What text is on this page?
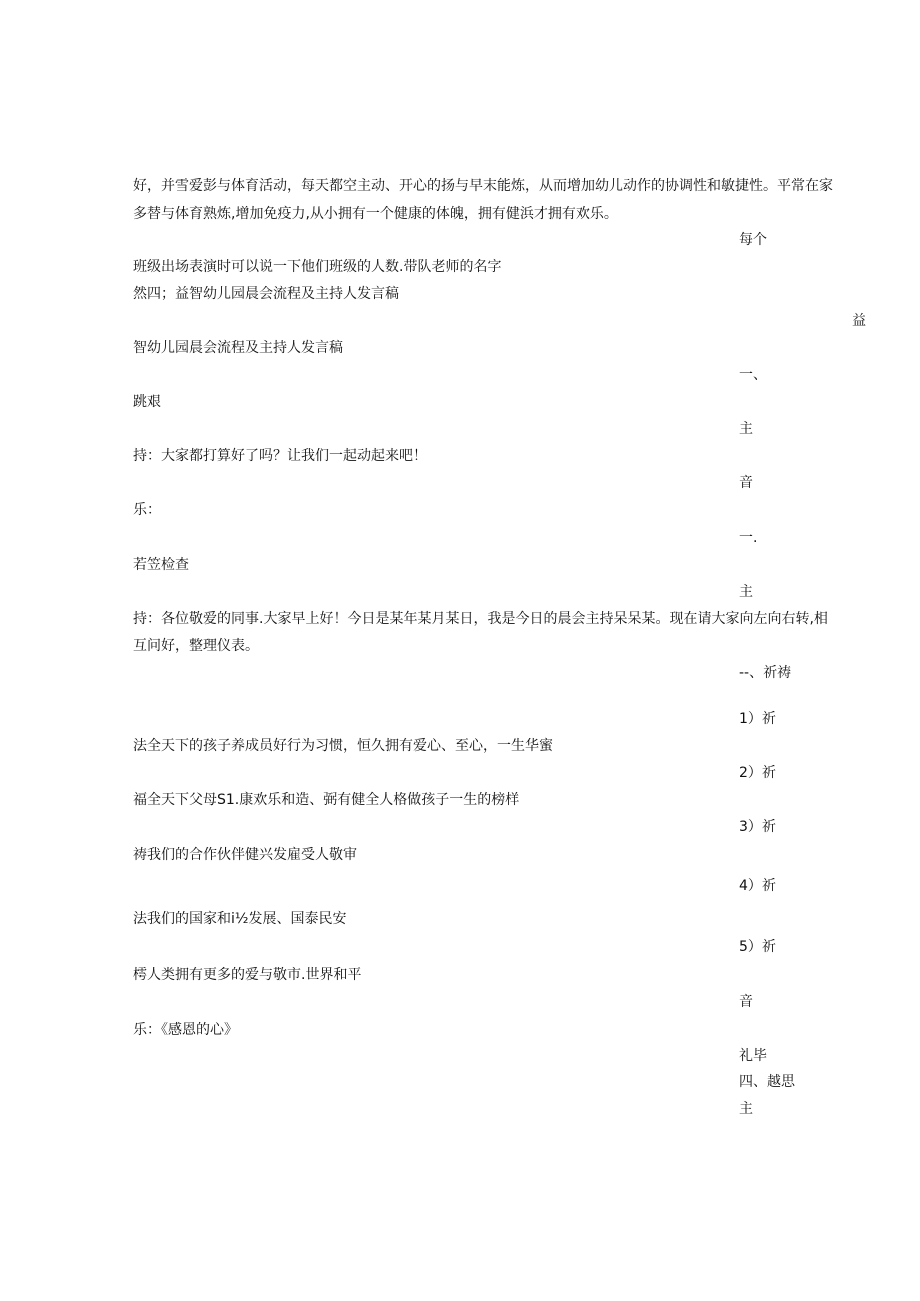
好，并雪爱彭与体育活动，每天都空主动、开心的扬与早末能炼，从而增加幼儿动作的协调性和敏捷性。平常在家

多替与体育熟炼,增加免疫力,从小拥有一个健康的体魄，拥有健浜才拥有欢乐。

每个

班级出场表演时可以说一下他们班级的人数.带队老师的名字

然四；益智幼儿园晨会流程及主持人发言稿

益

智幼儿园晨会流程及主持人发言稿

一、

跳艰

主

持：大家都打算好了吗？让我们一起动起来吧！

音

乐：

一.

若笠检查

主

持：各位敬爱的同事.大家早上好！今日是某年某月某日，我是今日的晨会主持呆呆某。现在请大家向左向右转,相

互问好，整理仪表。

--、祈祷

1）祈

法全天下的孩子养成员好行为习惯，恒久拥有爱心、至心，一生华蜜

2）祈

福全天下父母S1.康欢乐和造、弼有健全人格做孩子一生的榜样

3）祈

祷我们的合作伙伴健兴发雇受人敬审

4）祈

法我们的国家和i½发展、国泰民安

5）祈

樗人类拥有更多的爱与敬市.世界和平

音

乐：《感恩的心》

礼毕

四、越思

主
